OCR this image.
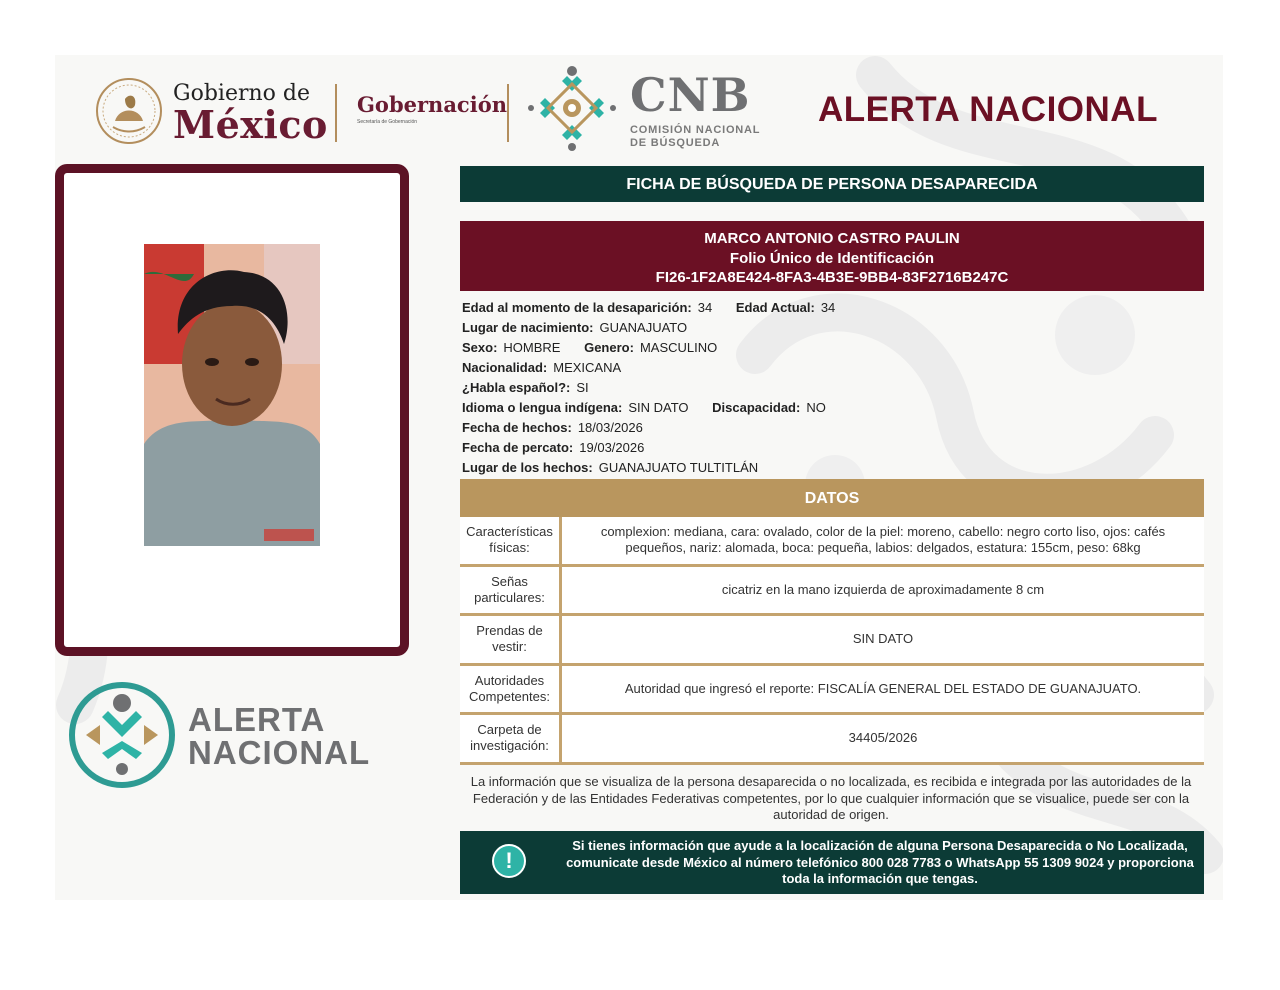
Gobierno de
México Gobernación
Secretaría de Gobernación	CNB
COMISIÓN NACIONAL
DE BÚSQUEDA
ALERTA NACIONAL
ALERTA
NACIONAL
FICHA DE BÚSQUEDA DE PERSONA DESAPARECIDA
MARCO ANTONIO CASTRO PAULIN
Folio Único de Identificación
FI26-1F2A8E424-8FA3-4B3E-9BB4-83F2716B247C
Edad al momento de la desaparición: 34 Edad Actual: 34
Lugar de nacimiento: GUANAJUATO
Sexo: HOMBRE Genero: MASCULINO
Nacionalidad: MEXICANA
¿Habla español?: SI
Idioma o lengua indígena: SIN DATO Discapacidad: NO
Fecha de hechos: 18/03/2026
Fecha de percato: 19/03/2026
Lugar de los hechos: GUANAJUATO TULTITLÁN
DATOS
Características físicas:
complexion: mediana, cara: ovalado, color de la piel: moreno, cabello: negro corto liso, ojos: cafés pequeños, nariz: alomada, boca: pequeña, labios: delgados, estatura: 155cm, peso: 68kg
Señas particulares:
cicatriz en la mano izquierda de aproximadamente 8 cm
Prendas de vestir:
SIN DATO
Autoridades Competentes:
Autoridad que ingresó el reporte: FISCALÍA GENERAL DEL ESTADO DE GUANAJUATO.
Carpeta de investigación:
34405/2026
La información que se visualiza de la persona desaparecida o no localizada, es recibida e integrada por las autoridades de la Federación y de las Entidades Federativas competentes, por lo que cualquier información que se visualice, puede ser con la autoridad de origen.
!
Si tienes información que ayude a la localización de alguna Persona Desaparecida o No Localizada, comunicate desde México al número telefónico 800 028 7783 o WhatsApp 55 1309 9024 y proporciona toda la información que tengas.
